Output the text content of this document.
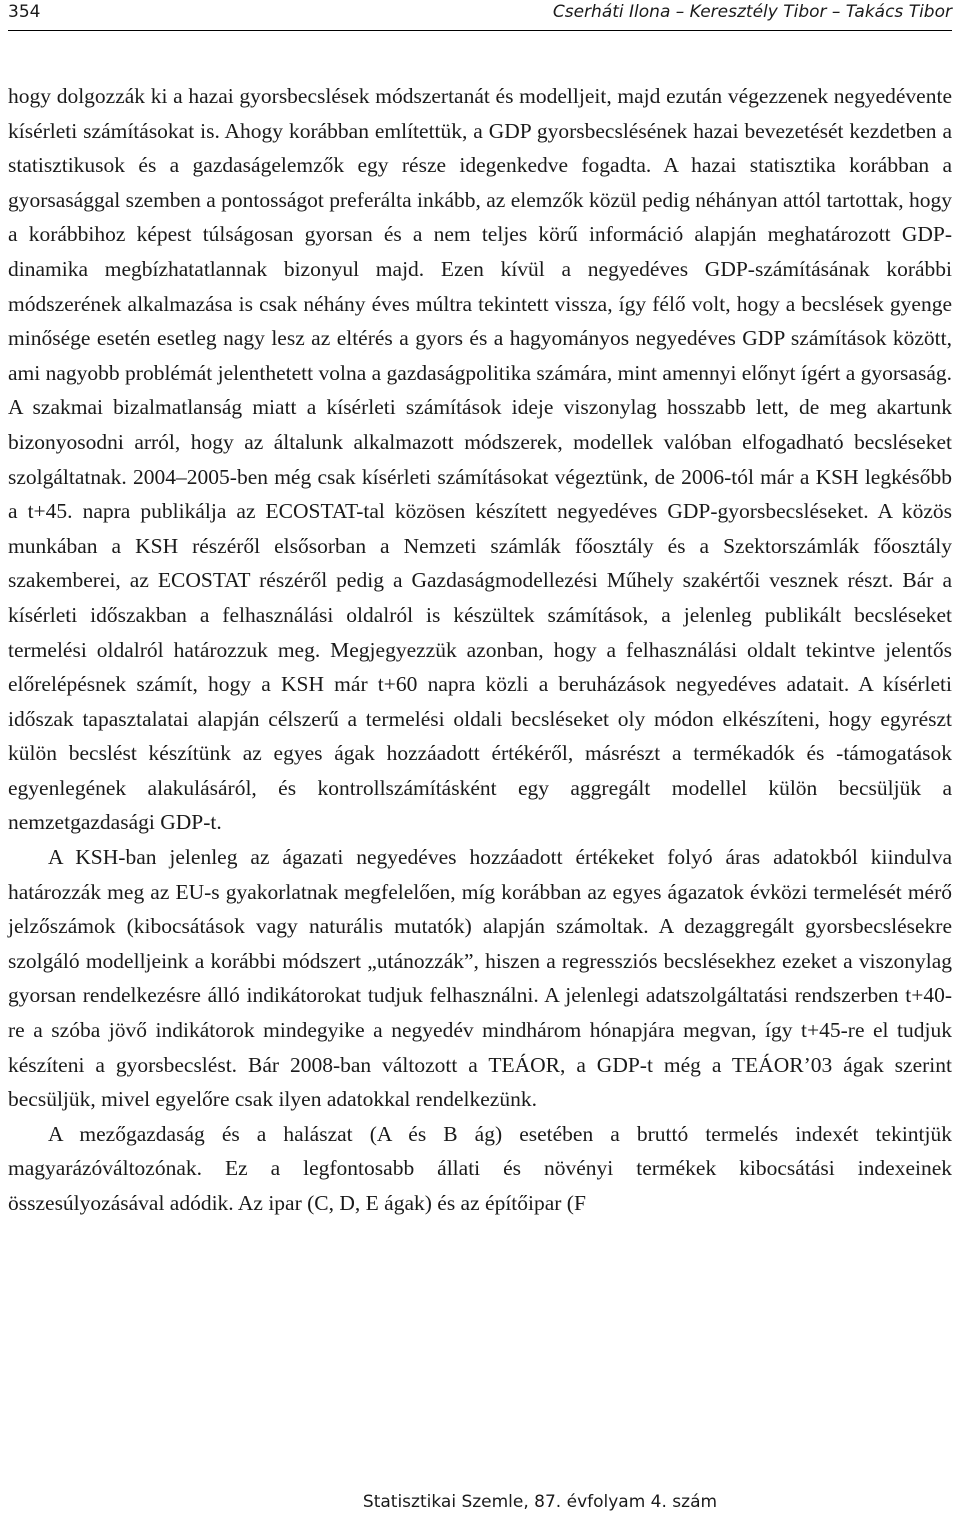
354	Cserháti Ilona – Keresztély Tibor – Takács Tibor

hogy dolgozzák ki a hazai gyorsbecslések módszertanát és modelljeit, majd ezután végezzenek negyedévente kísérleti számításokat is. Ahogy korábban említettük, a GDP gyorsbecslésének hazai bevezetését kezdetben a statisztikusok és a gazdaságelemzők egy része idegenkedve fogadta. A hazai statisztika korábban a gyorsasággal szemben a pontosságot preferálta inkább, az elemzők közül pedig néhányan attól tartottak, hogy a korábbihoz képest túlságosan gyorsan és a nem teljes körű információ alapján meghatározott GDP-dinamika megbízhatatlannak bizonyul majd. Ezen kívül a negyedéves GDP-számításának korábbi módszerének alkalmazása is csak néhány éves múltra tekintett vissza, így félő volt, hogy a becslések gyenge minősége esetén esetleg nagy lesz az eltérés a gyors és a hagyományos negyedéves GDP számítások között, ami nagyobb problémát jelenthetett volna a gazdaságpolitika számára, mint amennyi előnyt ígért a gyorsaság. A szakmai bizalmatlanság miatt a kísérleti számítások ideje viszonylag hosszabb lett, de meg akartunk bizonyosodni arról, hogy az általunk alkalmazott módszerek, modellek valóban elfogadható becsléseket szolgáltatnak. 2004–2005-ben még csak kísérleti számításokat végeztünk, de 2006-tól már a KSH legkésőbb a t+45. napra publikálja az ECOSTAT-tal közösen készített negyedéves GDP-gyorsbecsléseket. A közös munkában a KSH részéről elsősorban a Nemzeti számlák főosztály és a Szektorszámlák főosztály szakemberei, az ECOSTAT részéről pedig a Gazdaságmodellezési Műhely szakértői vesznek részt. Bár a kísérleti időszakban a felhasználási oldalról is készültek számítások, a jelenleg publikált becsléseket termelési oldalról határozzuk meg. Megjegyezzük azonban, hogy a felhasználási oldalt tekintve jelentős előrelépésnek számít, hogy a KSH már t+60 napra közli a beruházások negyedéves adatait. A kísérleti időszak tapasztalatai alapján célszerű a termelési oldali becsléseket oly módon elkészíteni, hogy egyrészt külön becslést készítünk az egyes ágak hozzáadott értékéről, másrészt a termékadók és -támogatások egyenlegének alakulásáról, és kontrollszámításként egy aggregált modellel külön becsüljük a nemzetgazdasági GDP-t.

A KSH-ban jelenleg az ágazati negyedéves hozzáadott értékeket folyó áras adatokból kiindulva határozzák meg az EU-s gyakorlatnak megfelelően, míg korábban az egyes ágazatok évközi termelését mérő jelzőszámok (kibocsátások vagy naturális mutatók) alapján számoltak. A dezaggregált gyorsbecslésekre szolgáló modelljeink a korábbi módszert „utánozzák”, hiszen a regressziós becslésekhez ezeket a viszonylag gyorsan rendelkezésre álló indikátorokat tudjuk felhasználni. A jelenlegi adatszolgáltatási rendszerben t+40-re a szóba jövő indikátorok mindegyike a negyedév mindhárom hónapjára megvan, így t+45-re el tudjuk készíteni a gyorsbecslést. Bár 2008-ban változott a TEÁOR, a GDP-t még a TEÁOR’03 ágak szerint becsüljük, mivel egyelőre csak ilyen adatokkal rendelkezünk.

A mezőgazdaság és a halászat (A és B ág) esetében a bruttó termelés indexét tekintjük magyarázóváltozónak. Ez a legfontosabb állati és növényi termékek kibocsátási indexeinek összesúlyozásával adódik. Az ipar (C, D, E ágak) és az építőipar (F

Statisztikai Szemle, 87. évfolyam 4. szám
